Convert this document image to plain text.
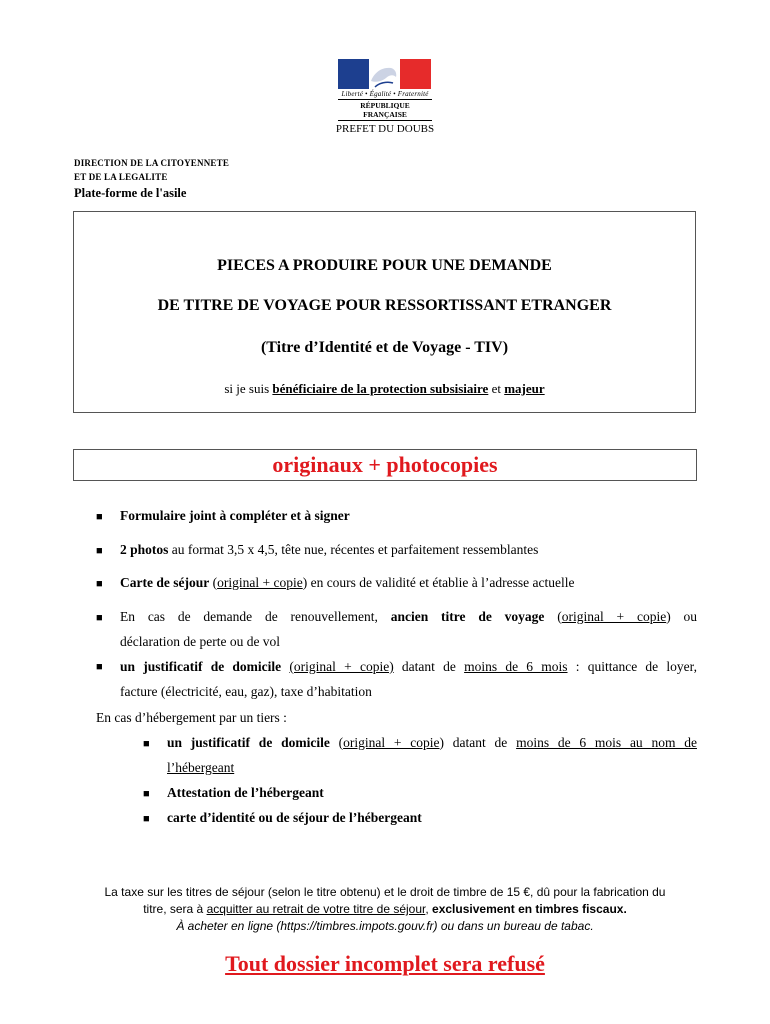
Liberté • Égalité • Fraternité
RÉPUBLIQUE FRANÇAISE
PREFET DU DOUBS
DIRECTION DE LA CITOYENNETE
ET DE LA LEGALITE
Plate-forme de l'asile
PIECES A PRODUIRE POUR UNE DEMANDE
DE TITRE DE VOYAGE POUR RESSORTISSANT ETRANGER
(Titre d’Identité et de Voyage - TIV)
si je suis bénéficiaire de la protection subsisiaire et majeur
originaux + photocopies
■ Formulaire joint à compléter et à signer
■ 2 photos au format 3,5 x 4,5, tête nue, récentes et parfaitement ressemblantes
■ Carte de séjour (original + copie) en cours de validité et établie à l’adresse actuelle
■ En cas de demande de renouvellement, ancien titre de voyage (original + copie) ou
déclaration de perte ou de vol
■ un justificatif de domicile (original + copie) datant de moins de 6 mois : quittance de loyer,
facture (électricité, eau, gaz), taxe d’habitation
En cas d’hébergement par un tiers :
■ un justificatif de domicile (original + copie) datant de moins de 6 mois au nom de
l’hébergeant
■ Attestation de l’hébergeant
■ carte d’identité ou de séjour de l’hébergeant
La taxe sur les titres de séjour (selon le titre obtenu) et le droit de timbre de 15 €, dû pour la fabrication du
titre, sera à acquitter au retrait de votre titre de séjour, exclusivement en timbres fiscaux.
À acheter en ligne (https://timbres.impots.gouv.fr) ou dans un bureau de tabac.
Tout dossier incomplet sera refusé
